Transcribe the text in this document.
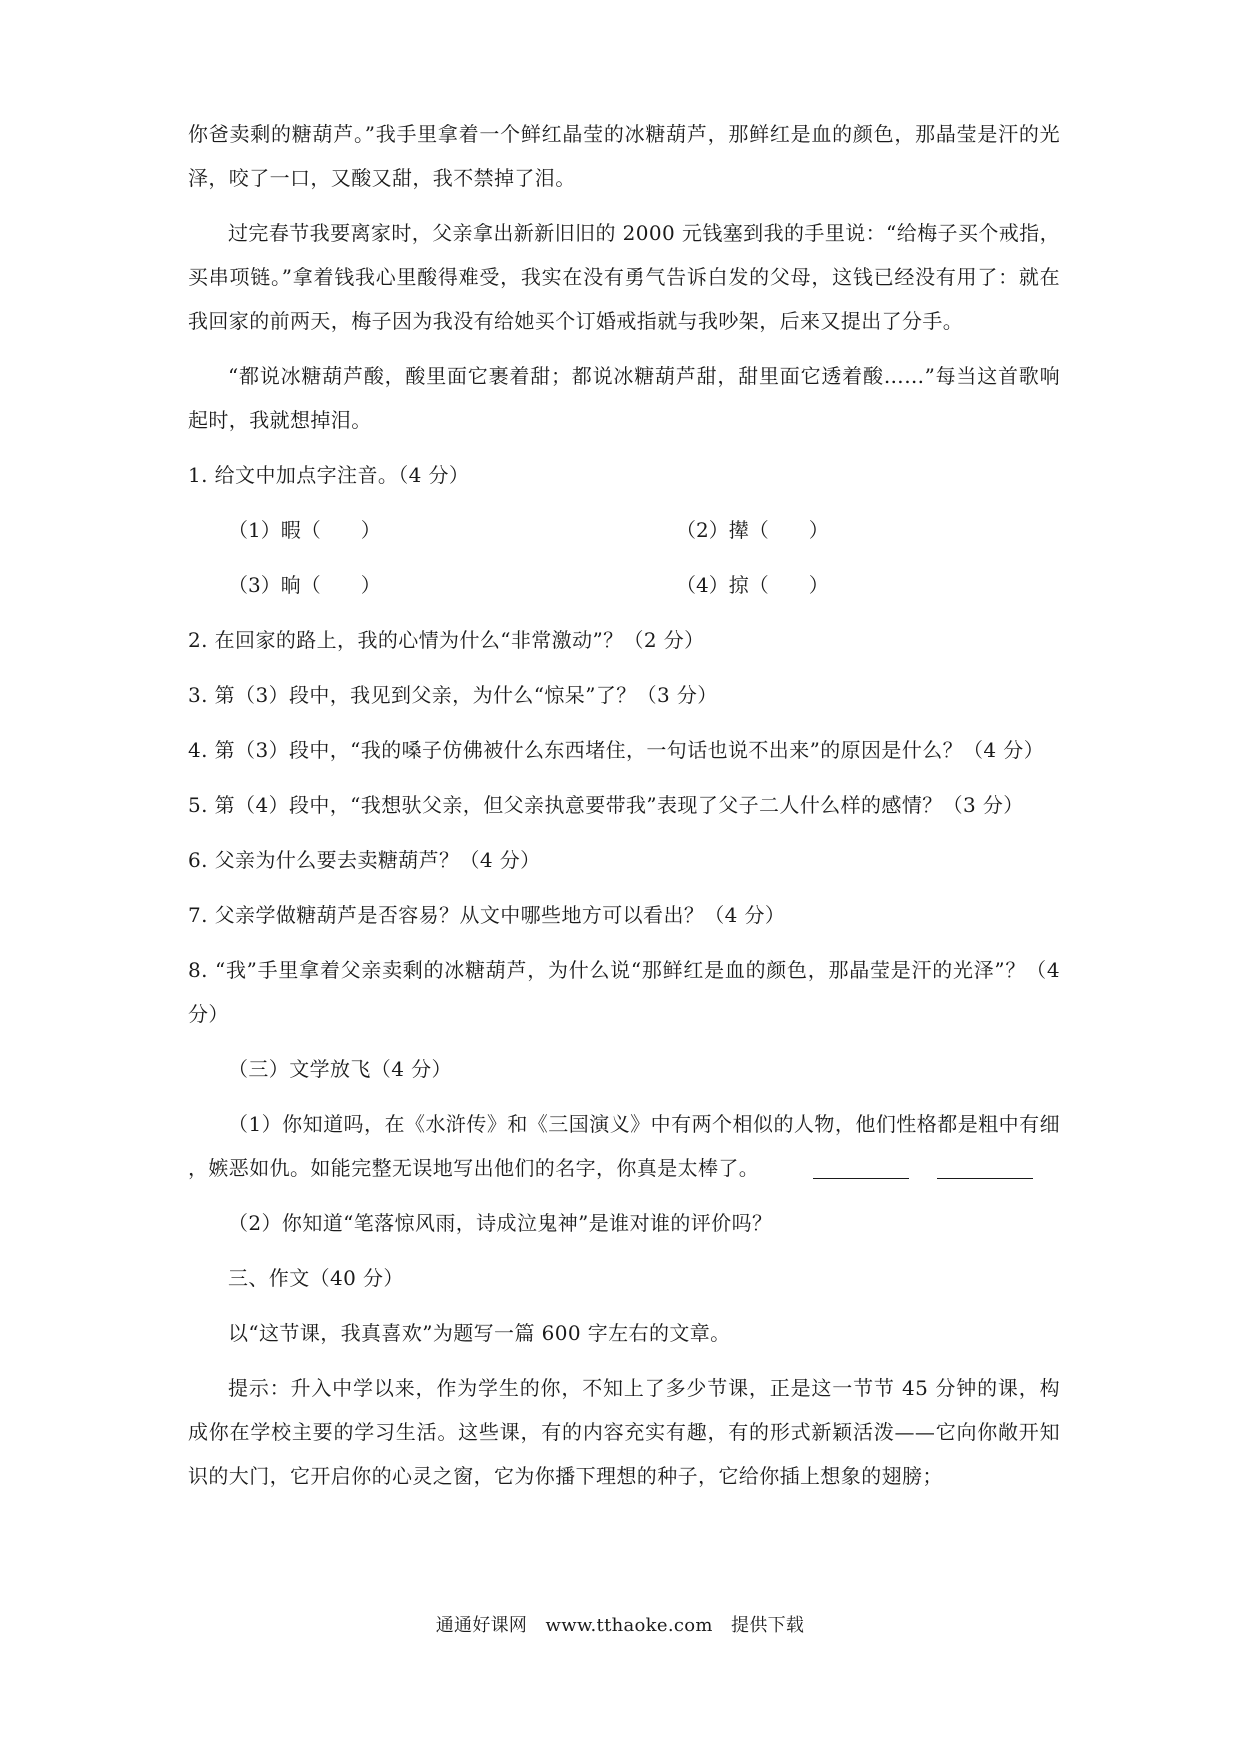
你爸卖剩的糖葫芦。”我手里拿着一个鲜红晶莹的冰糖葫芦，那鲜红是血的颜色，那晶莹是汗的光泽，咬了一口，又酸又甜，我不禁掉了泪。

过完春节我要离家时，父亲拿出新新旧旧的 2000 元钱塞到我的手里说：“给梅子买个戒指，买串项链。”拿着钱我心里酸得难受，我实在没有勇气告诉白发的父母，这钱已经没有用了：就在我回家的前两天，梅子因为我没有给她买个订婚戒指就与我吵架，后来又提出了分手。

“都说冰糖葫芦酸，酸里面它裹着甜；都说冰糖葫芦甜，甜里面它透着酸……”每当这首歌响起时，我就想掉泪。

1. 给文中加点字注音。（4 分）

（1）暇（　　）	（2）撵（　　）
（3）晌（　　）	（4）掠（　　）

2. 在回家的路上，我的心情为什么“非常激动”？（2 分）

3. 第（3）段中，我见到父亲，为什么“惊呆”了？（3 分）

4. 第（3）段中，“我的嗓子仿佛被什么东西堵住，一句话也说不出来”的原因是什么？（4 分）

5. 第（4）段中，“我想驮父亲，但父亲执意要带我”表现了父子二人什么样的感情？（3 分）

6. 父亲为什么要去卖糖葫芦？（4 分）

7. 父亲学做糖葫芦是否容易？从文中哪些地方可以看出？（4 分）

8. “我”手里拿着父亲卖剩的冰糖葫芦，为什么说“那鲜红是血的颜色，那晶莹是汗的光泽”？（4 分）

（三）文学放飞（4 分）

（1）你知道吗，在《水浒传》和《三国演义》中有两个相似的人物，他们性格都是粗中有细 ，嫉恶如仇。如能完整无误地写出他们的名字，你真是太棒了。

（2）你知道“笔落惊风雨，诗成泣鬼神”是谁对谁的评价吗？

三、作文（40 分）

以“这节课，我真喜欢”为题写一篇 600 字左右的文章。

提示：升入中学以来，作为学生的你，不知上了多少节课，正是这一节节 45 分钟的课，构成你在学校主要的学习生活。这些课，有的内容充实有趣，有的形式新颖活泼——它向你敞开知识的大门，它开启你的心灵之窗，它为你播下理想的种子，它给你插上想象的翅膀；

通通好课网　www.tthaoke.com　提供下载
